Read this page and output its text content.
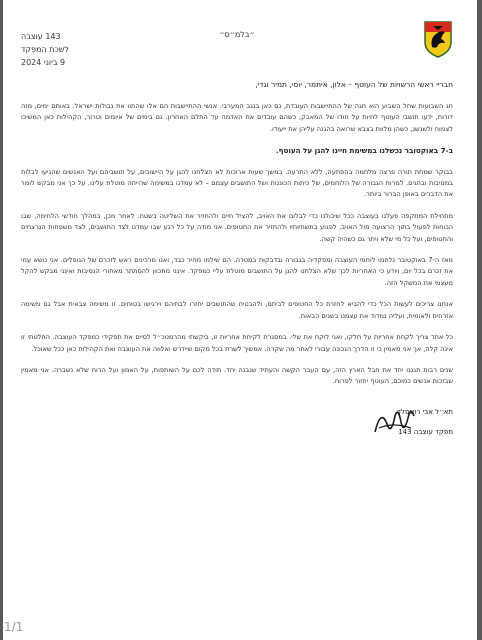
״בלמ״ס״
143 עוצבה
לשכת המפקד
9 ביוני 2024
חבריי ראשי הרשויות של העוטף – אלון, איתמר, יוסי, תמיר וגדי,

חג השבועות שחל השבוע הוא חגה של ההתיישבות העובדת, גם כאן בנגב המערבי. אנשי ההתיישבות הם אלו שהתוו את גבולות ישראל. באותם ימים, מזה דורות, ידעו תושבי העוטף לחיות על חודו של המאבק, כשהם עובדים את האדמה עד התלם האחרון. גם בימים של איומים וטרור, הקהילות כאן המשיכו לצמוח ולשגשג, כשהן מלוות בצבא שרואה בהגנה עליהן את ייעודו.

ב-7 באוקטובר נכשלנו במשימת חיינו להגן על העוטף.

בבוקר שמחת תורה פרצה מלחמה בהפתעה, ללא התרעה. במשך שעות ארוכות לא הצלחנו להגן על היישובים, על תושביהם ועל האנשים שהגיעו לבלות במסיבות ובחגים. למרות הגבורה של הלוחמים, של כיתות הכוננות ושל התושבים עצמם – לא עמדנו במשימה שהייתה מוטלת עלינו. על כך אני מבקש לומר את הדברים באופן הברור ביותר.

מתחילת המתקפה פעלנו בעוצבה ככל שיכולנו כדי לבלום את האויב, להציל חיים ולהחזיר את השליטה בשטח. לאחר מכן, במהלך חודשי הלחימה, שבו הכוחות לפעול בתוך הרצועה מול האויב, לפגוע בתשתיותיו ולהחזיר את החטופים. אני מודה על כל רגע שבו עמדנו לצד התושבים, לצד משפחות הנרצחים והחטופים, ועל כל מי שלא ויתר גם כשהיה קשה.

מאז ה-7 באוקטובר נלחמו לוחמי העוצבה ומפקדיה בגבורה ובדבקות במטרה. הם שילמו מחיר כבד, ואנו מרכינים ראש לזכרם של הנופלים. אני נושא עמי את זכרם בכל יום, ויודע כי האחריות לכך שלא הצלחנו להגן על התושבים מוטלת עליי כמפקד. אינני מתכוון להסתתר מאחורי הנסיבות ואינני מבקש להקל מעצמי את המשקל הזה.

אנחנו צריכים לעשות הכל כדי להביא לחזרת כל החטופים לביתם, ולהבטיח שהתושבים יחזרו לבתיהם וירגישו בטוחים. זו משימה צבאית אבל גם משימה אזרחית ולאומית, ועליה נמדוד את עצמנו בשנים הבאות.

כל אחד צריך לקחת אחריות על חלקו, ואני לוקח את שלי. במסגרת לקיחת אחריות זו, ביקשתי מהרמטכ״ל לסיים את תפקידי כמפקד העוצבה. החלטתי זו אינה קלה, אך אני מאמין כי זו הדרך הנכונה עבורי לאחר מה שקרה. אמשיך לשרת בכל מקום שיידרש ואלווה את העוצבה ואת הקהילות כאן ככל שאוכל.

שנים רבות תגננו יחד את חבל הארץ הזה, עם העבר הקשה והעתיד שנבנה יחד. תודה לכם על השותפות, על האמון ועל הרוח שלא נשברה. אני מאמין שבזכות אנשים כמוכם, העוטף יחזור לפרוח.

תא״ל אבי רוזנפלד
מפקד עוצבה 143
1/1
